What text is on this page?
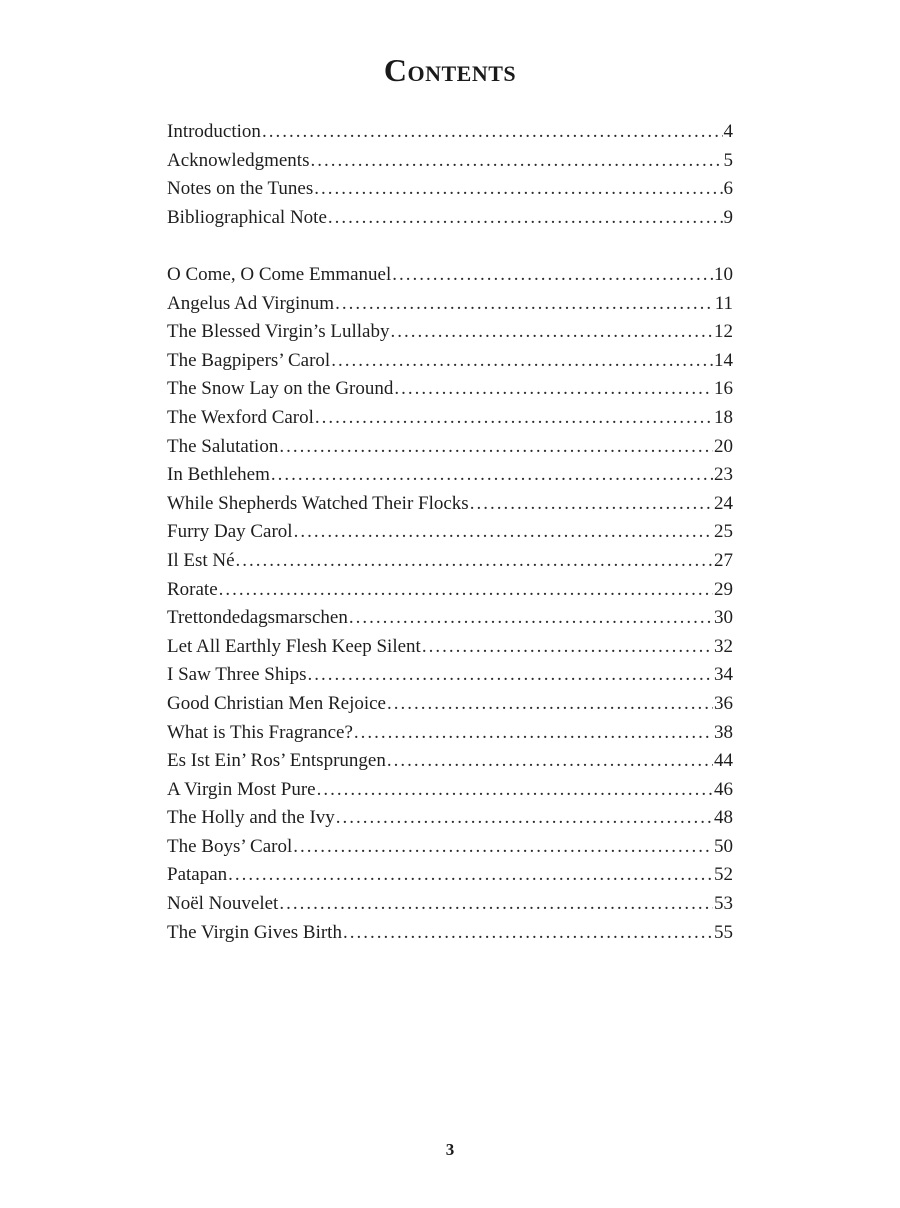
Contents
Introduction .....	4
Acknowledgments .....	5
Notes on the Tunes .....	6
Bibliographical Note .....	9
O Come, O Come Emmanuel .....	10
Angelus Ad Virginum .....	11
The Blessed Virgin’s Lullaby .....	12
The Bagpipers’ Carol .....	14
The Snow Lay on the Ground .....	16
The Wexford Carol .....	18
The Salutation .....	20
In Bethlehem .....	23
While Shepherds Watched Their Flocks .....	24
Furry Day Carol .....	25
Il Est Né .....	27
Rorate .....	29
Trettondedagsmarschen .....	30
Let All Earthly Flesh Keep Silent .....	32
I Saw Three Ships .....	34
Good Christian Men Rejoice .....	36
What is This Fragrance? .....	38
Es Ist Ein’ Ros’ Entsprungen .....	44
A Virgin Most Pure .....	46
The Holly and the Ivy .....	48
The Boys’ Carol .....	50
Patapan .....	52
Noël Nouvelet .....	53
The Virgin Gives Birth .....	55
3
